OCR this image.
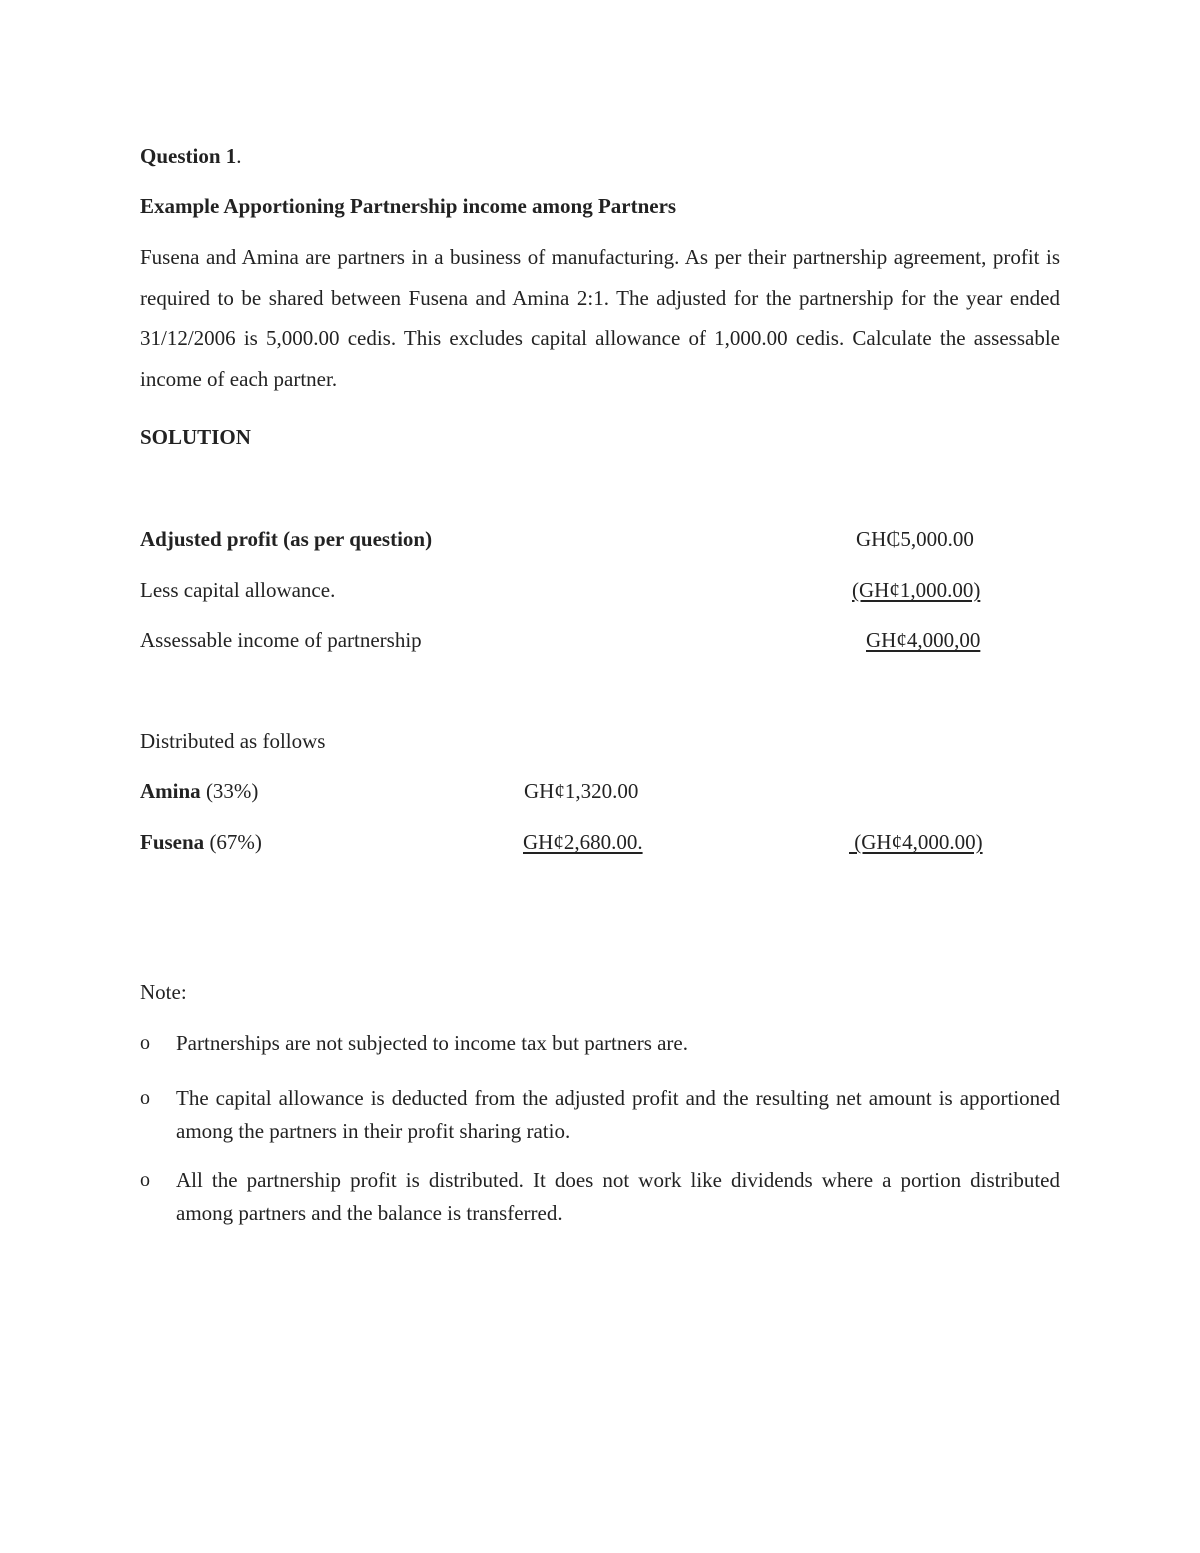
Question 1.
Example Apportioning Partnership income among Partners
Fusena and Amina are partners in a business of manufacturing. As per their partnership agreement, profit is required to be shared between Fusena and Amina 2:1. The adjusted for the partnership for the year ended 31/12/2006 is 5,000.00 cedis. This excludes capital allowance of 1,000.00 cedis. Calculate the assessable income of each partner.
SOLUTION
Adjusted profit (as per question)	GH₵5,000.00
Less capital allowance.	(GH¢1,000.00)
Assessable income of partnership	GH¢4,000,00
Distributed as follows
Amina (33%)	GH¢1,320.00
Fusena (67%)	GH¢2,680.00.	(GH¢4,000.00)
Note:
o Partnerships are not subjected to income tax but partners are.
o The capital allowance is deducted from the adjusted profit and the resulting net amount is apportioned among the partners in their profit sharing ratio.
o All the partnership profit is distributed. It does not work like dividends where a portion distributed among partners and the balance is transferred.
